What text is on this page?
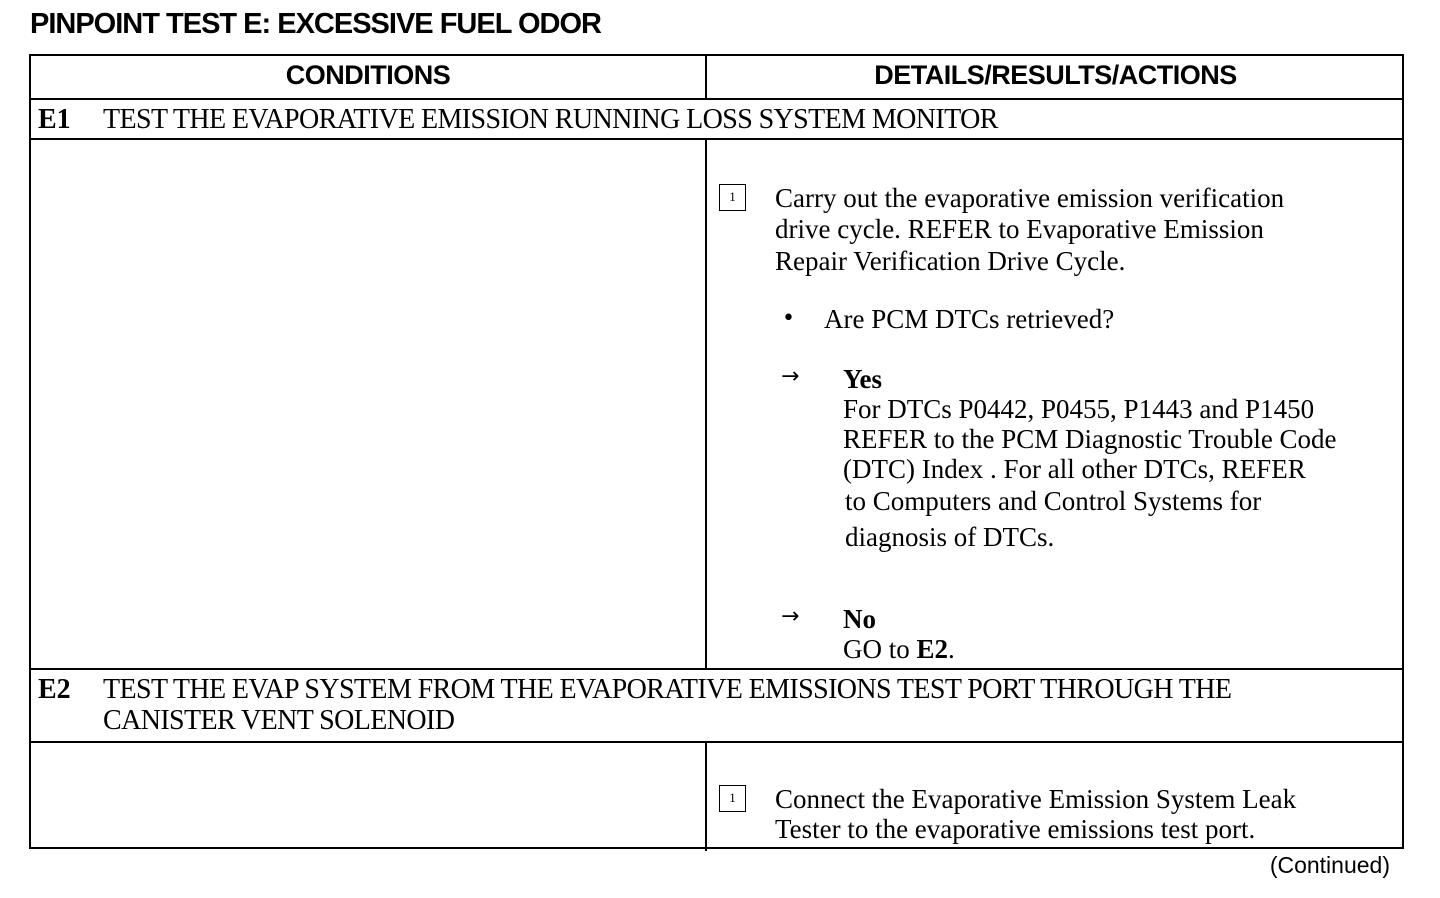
PINPOINT TEST E: EXCESSIVE FUEL ODOR
CONDITIONS	DETAILS/RESULTS/ACTIONS
E1 TEST THE EVAPORATIVE EMISSION RUNNING LOSS SYSTEM MONITOR
1	Carry out the evaporative emission verification
drive cycle. REFER to Evaporative Emission
Repair Verification Drive Cycle.
• Are PCM DTCs retrieved?
→ Yes
For DTCs P0442, P0455, P1443 and P1450
REFER to the PCM Diagnostic Trouble Code
(DTC) Index . For all other DTCs, REFER
to Computers and Control Systems for
diagnosis of DTCs.
→ No
GO to E2.
E2 TEST THE EVAP SYSTEM FROM THE EVAPORATIVE EMISSIONS TEST PORT THROUGH THE
CANISTER VENT SOLENOID
1	Connect the Evaporative Emission System Leak
Tester to the evaporative emissions test port.
(Continued)
